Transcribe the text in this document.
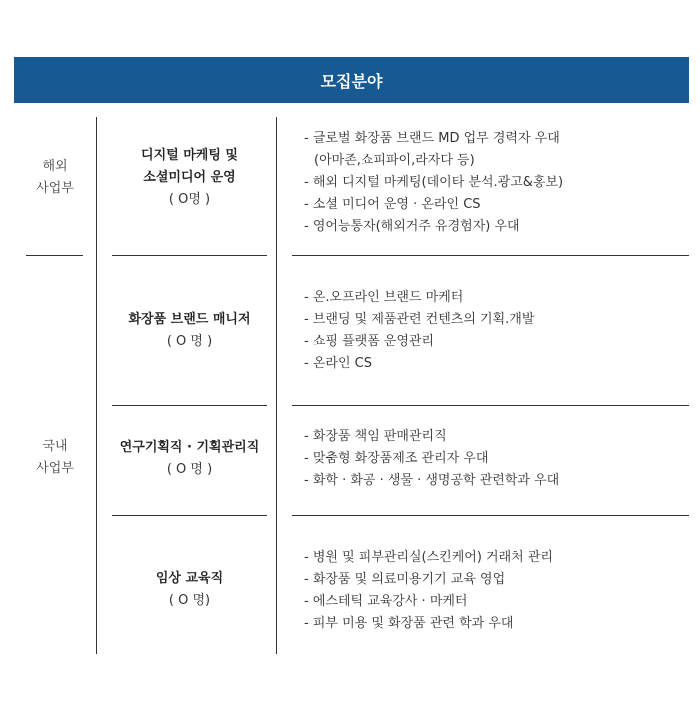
모집분야
해외
사업부
국내
사업부
디지털 마케팅 및
소셜미디어 운영
( O명 )
- 글로벌 화장품 브랜드 MD 업무 경력자 우대
(아마존,쇼피파이,라자다 등)
- 해외 디지털 마케팅(데이타 분석.광고&홍보)
- 소셜 미디어 운영 · 온라인 CS
- 영어능통자(해외거주 유경험자) 우대
화장품 브랜드 매니저
( O 명 )
- 온.오프라인 브랜드 마케터
- 브랜딩 및 제품관련 컨텐츠의 기획.개발
- 쇼핑 플랫폼 운영관리
- 온라인 CS
연구기획직 · 기획관리직
( O 명 )
- 화장품 책임 판매관리직
- 맞춤형 화장품제조 관리자 우대
- 화학 · 화공 · 생물 · 생명공학 관련학과 우대
임상 교육직
( O 명)
- 병원 및 피부관리실(스킨케어) 거래처 관리
- 화장품 및 의료미용기기 교육 영업
- 에스테틱 교육강사 · 마케터
- 피부 미용 및 화장품 관련 학과 우대
